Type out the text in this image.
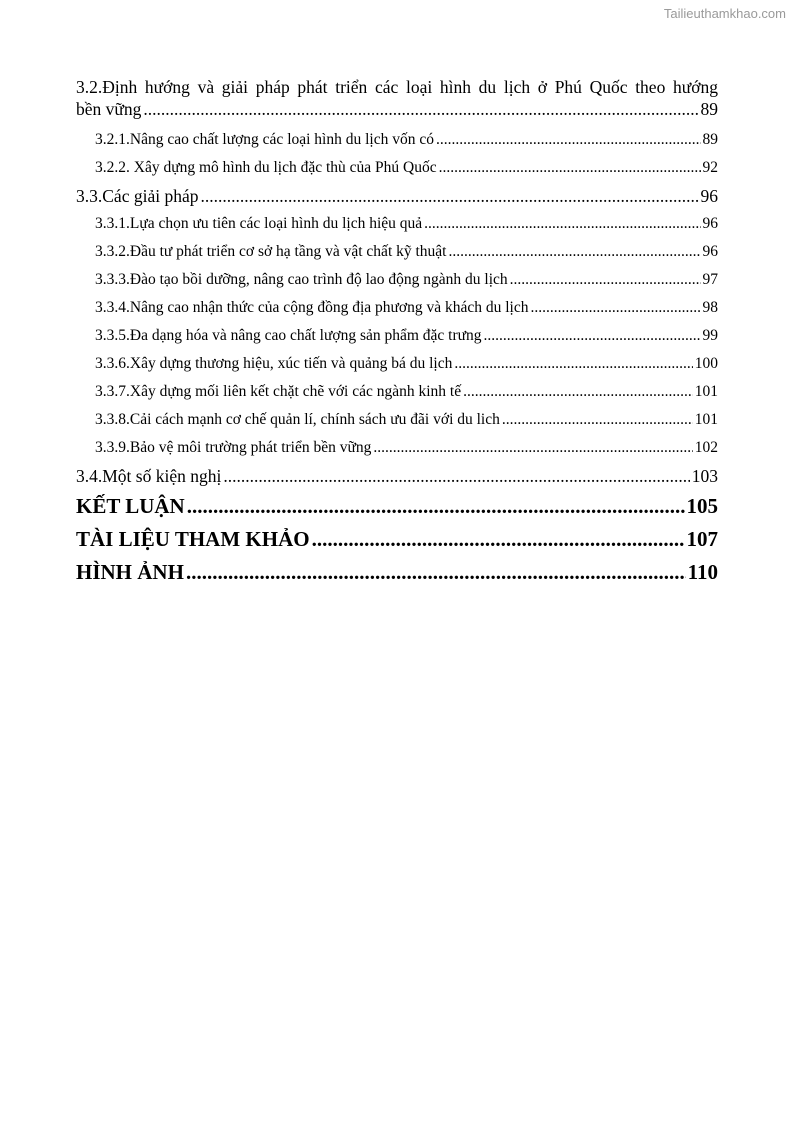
Tailieuthamkhao.com
3.2.Định hướng và giải pháp phát triển các loại hình du lịch ở Phú Quốc theo hướng
bền vững .....	89
3.2.1.Nâng cao chất lượng các loại hình du lịch vốn có .....	89
3.2.2. Xây dựng mô hình du lịch đặc thù của Phú Quốc .....	92
3.3.Các giải pháp .....	96
3.3.1.Lựa chọn ưu tiên các loại hình du lịch hiệu quả .....	96
3.3.2.Đầu tư phát triển cơ sở hạ tầng và vật chất kỹ thuật .....	96
3.3.3.Đào tạo bồi dưỡng, nâng cao trình độ lao động ngành du lịch .....	97
3.3.4.Nâng cao nhận thức của cộng đồng địa phương và khách du lịch .....	98
3.3.5.Đa dạng hóa và nâng cao chất lượng sản phẩm đặc trưng .....	99
3.3.6.Xây dựng thương hiệu, xúc tiến và quảng bá du lịch .....	100
3.3.7.Xây dựng mối liên kết chặt chẽ với các ngành kinh tế .....	101
3.3.8.Cải cách mạnh cơ chế quản lí, chính sách ưu đãi với du lich .....	101
3.3.9.Bảo vệ môi trường phát triển bền vững .....	102
3.4.Một số kiện nghị .....	103
KẾT LUẬN .....	105
TÀI LIỆU THAM KHẢO .....	107
HÌNH ẢNH .....	110
